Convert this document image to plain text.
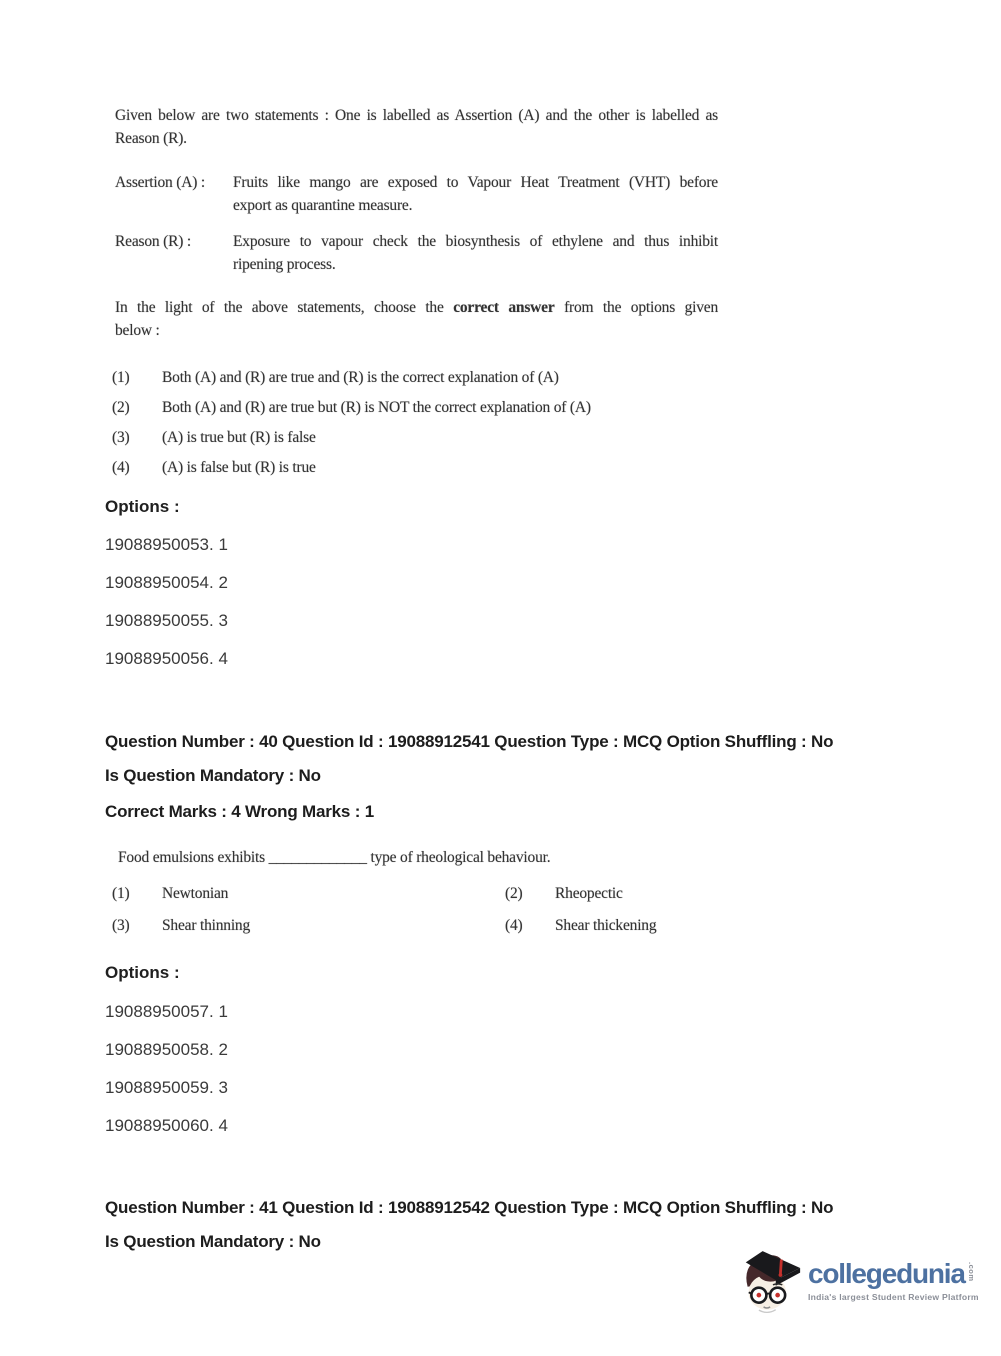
Given below are two statements : One is labelled as Assertion (A) and the other is labelled as
Reason (R).
Assertion (A) :	Fruits like mango are exposed to Vapour Heat Treatment (VHT) before
export as quarantine measure.
Reason (R) :	Exposure to vapour check the biosynthesis of ethylene and thus inhibit
ripening process.
In the light of the above statements, choose the correct answer from the options given
below :
(1)	Both (A) and (R) are true and (R) is the correct explanation of (A)
(2)	Both (A) and (R) are true but (R) is NOT the correct explanation of (A)
(3)	(A) is true but (R) is false
(4)	(A) is false but (R) is true
Options :
19088950053. 1
19088950054. 2
19088950055. 3
19088950056. 4
Question Number : 40 Question Id : 19088912541 Question Type : MCQ Option Shuffling : No
Is Question Mandatory : No
Correct Marks : 4 Wrong Marks : 1
Food emulsions exhibits _____________ type of rheological behaviour.
(1)	Newtonian	(2)	Rheopectic
(3)	Shear thinning	(4)	Shear thickening
Options :
19088950057. 1
19088950058. 2
19088950059. 3
19088950060. 4
Question Number : 41 Question Id : 19088912542 Question Type : MCQ Option Shuffling : No
Is Question Mandatory : No
collegedunia .com
India's largest Student Review Platform
